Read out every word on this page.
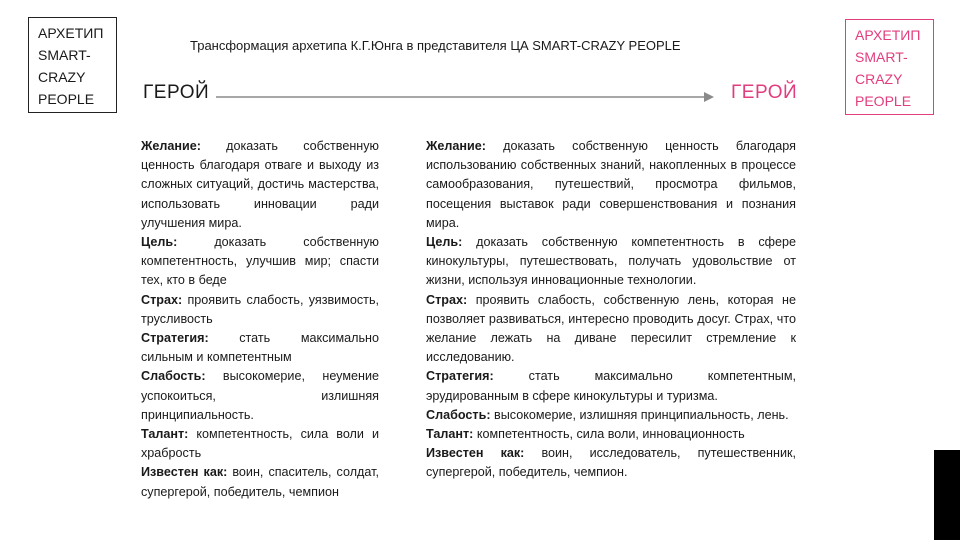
АРХЕТИП
SMART-
CRAZY
PEOPLE
Трансформация архетипа К.Г.Юнга в представителя ЦА SMART-CRAZY PEOPLE
АРХЕТИП
SMART-
CRAZY
PEOPLE
ГЕРОЙ	ГЕРОЙ

Желание: доказать собственную ценность благодаря отваге и выходу из сложных ситуаций, достичь мастерства, использовать инновации ради улучшения мира.

Цель: доказать собственную компетентность, улучшив мир; спасти тех, кто в беде

Страх: проявить слабость, уязвимость, трусливость

Стратегия: стать максимально сильным и компетентным

Слабость: высокомерие, неумение успокоиться, излишняя принципиальность.

Талант: компетентность, сила воли и храбрость

Известен как: воин, спаситель, солдат, супергерой, победитель, чемпион

Желание: доказать собственную ценность благодаря использованию собственных знаний, накопленных в процессе самообразования, путешествий, просмотра фильмов, посещения выставок ради совершенствования и познания мира.

Цель: доказать собственную компетентность в сфере кинокультуры, путешествовать, получать удовольствие от жизни, используя инновационные технологии.

Страх: проявить слабость, собственную лень, которая не позволяет развиваться, интересно проводить досуг. Страх, что желание лежать на диване пересилит стремление к исследованию.

Стратегия: стать максимально компетентным, эрудированным в сфере кинокультуры и туризма.

Слабость: высокомерие, излишняя принципиальность, лень.

Талант: компетентность, сила воли, инновационность

Известен как: воин, исследователь, путешественник, супергерой, победитель, чемпион.
